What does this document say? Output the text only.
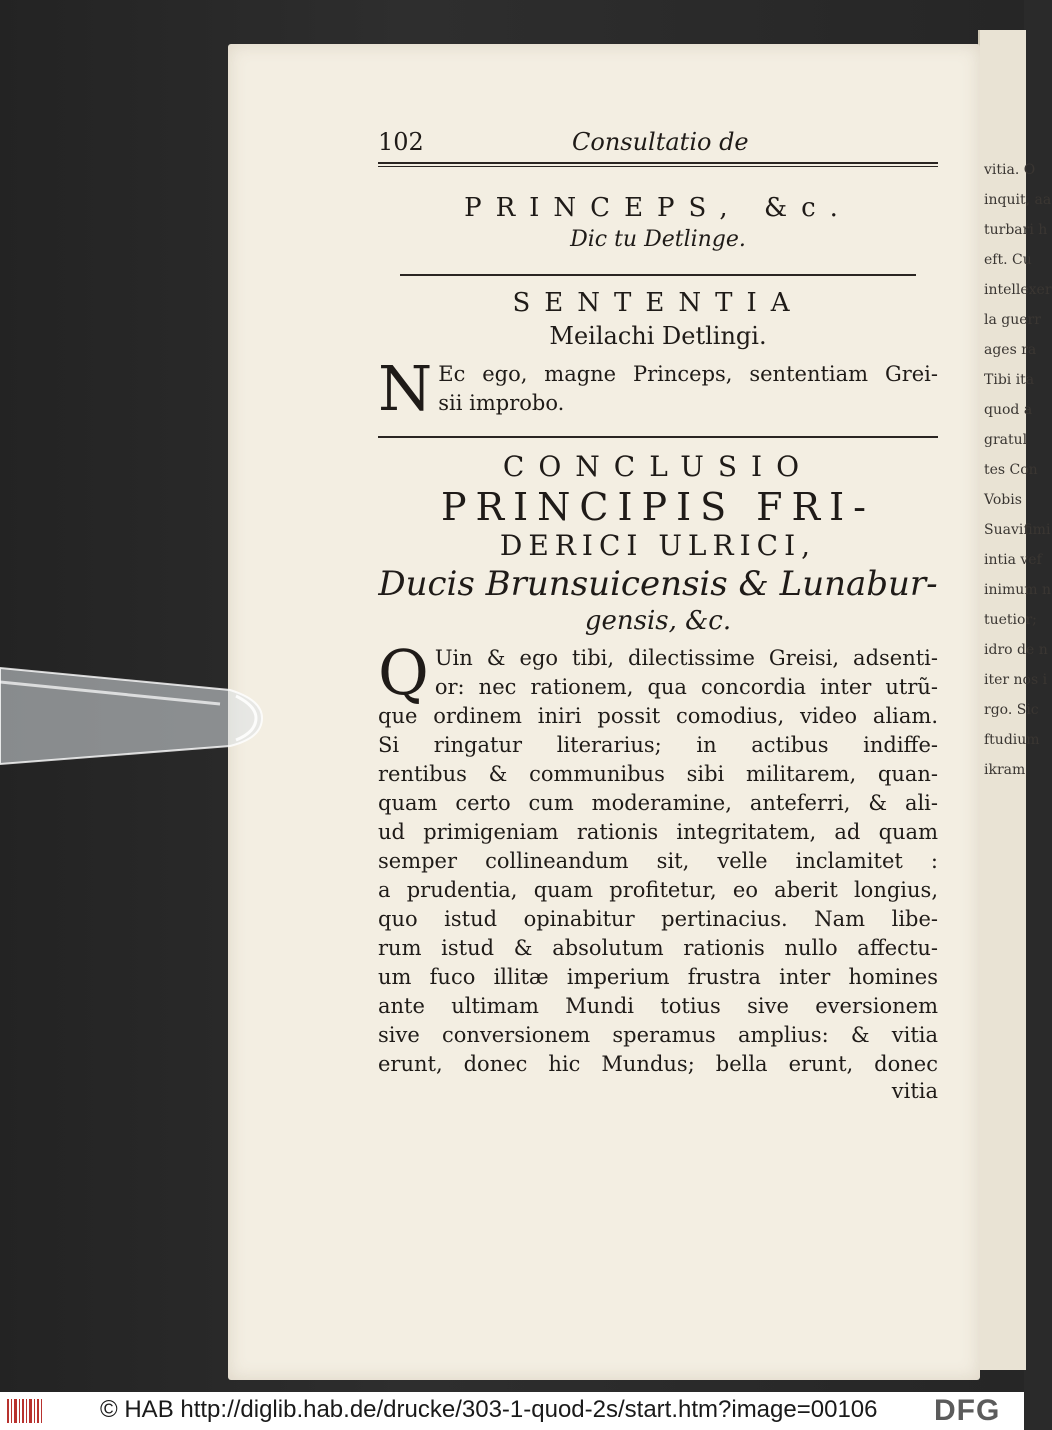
vitia. O
inquit, aa
turbari h
eft. Cu
intellexer
la guerr
ages ra
Tibi ita
quod a
gratul
tes Con
Vobis
Suavifimi
intia vef
inimum n
tuetior;
idro de n
iter nos i
rgo. Sic
ftudium
ikram
102	Consultatio de
PRINCEPS, &c.
Dic tu Detlinge.
SENTENTIA
Meilachi Detlingi.
N Ec ego, magne Princeps, sententiam Grei-
sii improbo.
CONCLUSIO
PRINCIPIS FRI-
DERICI ULRICI,
Ducis Brunsuicensis & Lunabur-
gensis, &c.
Q Uin & ego tibi, dilectissime Greisi, adsenti-
or: nec rationem, qua concordia inter utrũ-
que ordinem iniri possit comodius, video aliam.
Si ringatur literarius; in actibus indiffe-
rentibus & communibus sibi militarem, quan-
quam certo cum moderamine, anteferri, & ali-
ud primigeniam rationis integritatem, ad quam
semper collineandum sit, velle inclamitet :
a prudentia, quam profitetur, eo aberit longius,
quo istud opinabitur pertinacius. Nam libe-
rum istud & absolutum rationis nullo affectu-
um fuco illitæ imperium frustra inter homines
ante ultimam Mundi totius sive eversionem
sive conversionem speramus amplius: & vitia
erunt, donec hic Mundus; bella erunt, donec
vitia
© HAB http://diglib.hab.de/drucke/303-1-quod-2s/start.htm?image=00106 DFG
